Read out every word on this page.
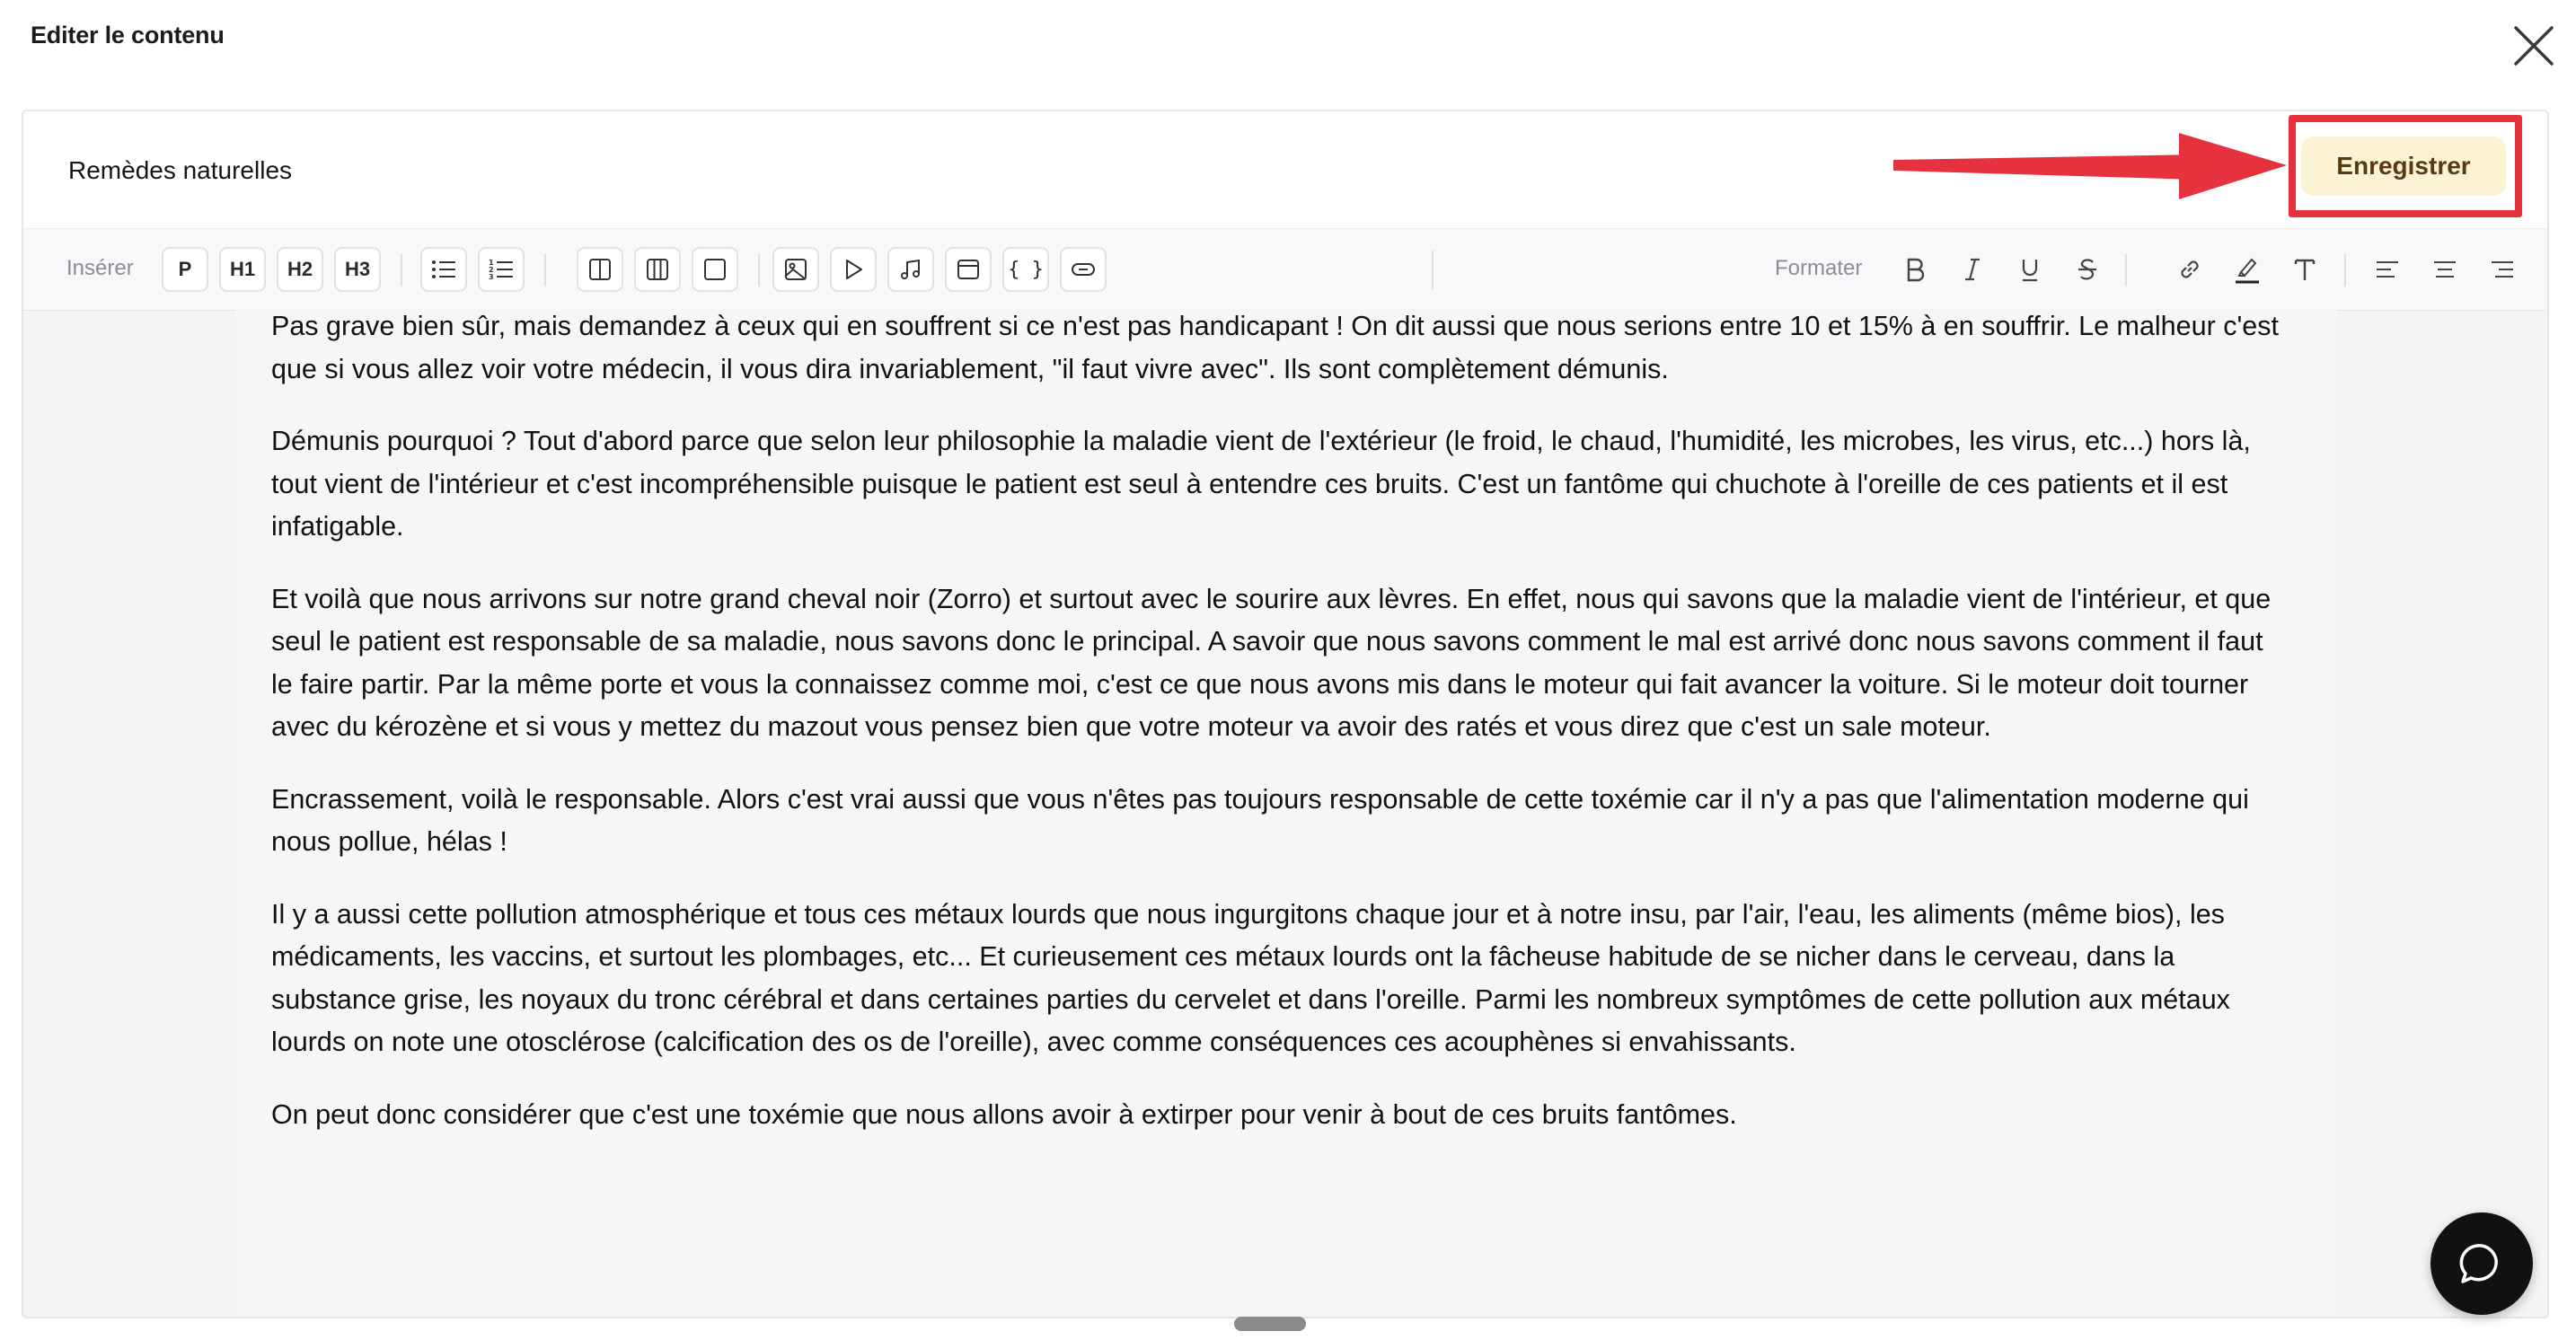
Editer le contenu
Remèdes naturelles	Enregistrer
Insérer	P	H1	H2	H3	1
2
3	{ }	Formater

Pas grave bien sûr, mais demandez à ceux qui en souffrent si ce n'est pas handicapant ! On dit aussi que nous serions entre 10 et 15% à en souffrir. Le malheur c'est que si vous allez voir votre médecin, il vous dira invariablement, "il faut vivre avec". Ils sont complètement démunis.

Démunis pourquoi ? Tout d'abord parce que selon leur philosophie la maladie vient de l'extérieur (le froid, le chaud, l'humidité, les microbes, les virus, etc...) hors là, tout vient de l'intérieur et c'est incompréhensible puisque le patient est seul à entendre ces bruits. C'est un fantôme qui chuchote à l'oreille de ces patients et il est infatigable.

Et voilà que nous arrivons sur notre grand cheval noir (Zorro) et surtout avec le sourire aux lèvres. En effet, nous qui savons que la maladie vient de l'intérieur, et que seul le patient est responsable de sa maladie, nous savons donc le principal. A savoir que nous savons comment le mal est arrivé donc nous savons comment il faut le faire partir. Par la même porte et vous la connaissez comme moi, c'est ce que nous avons mis dans le moteur qui fait avancer la voiture. Si le moteur doit tourner avec du kérozène et si vous y mettez du mazout vous pensez bien que votre moteur va avoir des ratés et vous direz que c'est un sale moteur.

Encrassement, voilà le responsable. Alors c'est vrai aussi que vous n'êtes pas toujours responsable de cette toxémie car il n'y a pas que l'alimentation moderne qui nous pollue, hélas !

Il y a aussi cette pollution atmosphérique et tous ces métaux lourds que nous ingurgitons chaque jour et à notre insu, par l'air, l'eau, les aliments (même bios), les médicaments, les vaccins, et surtout les plombages, etc... Et curieusement ces métaux lourds ont la fâcheuse habitude de se nicher dans le cerveau, dans la substance grise, les noyaux du tronc cérébral et dans certaines parties du cervelet et dans l'oreille. Parmi les nombreux symptômes de cette pollution aux métaux lourds on note une otosclérose (calcification des os de l'oreille), avec comme conséquences ces acouphènes si envahissants.

On peut donc considérer que c'est une toxémie que nous allons avoir à extirper pour venir à bout de ces bruits fantômes.
